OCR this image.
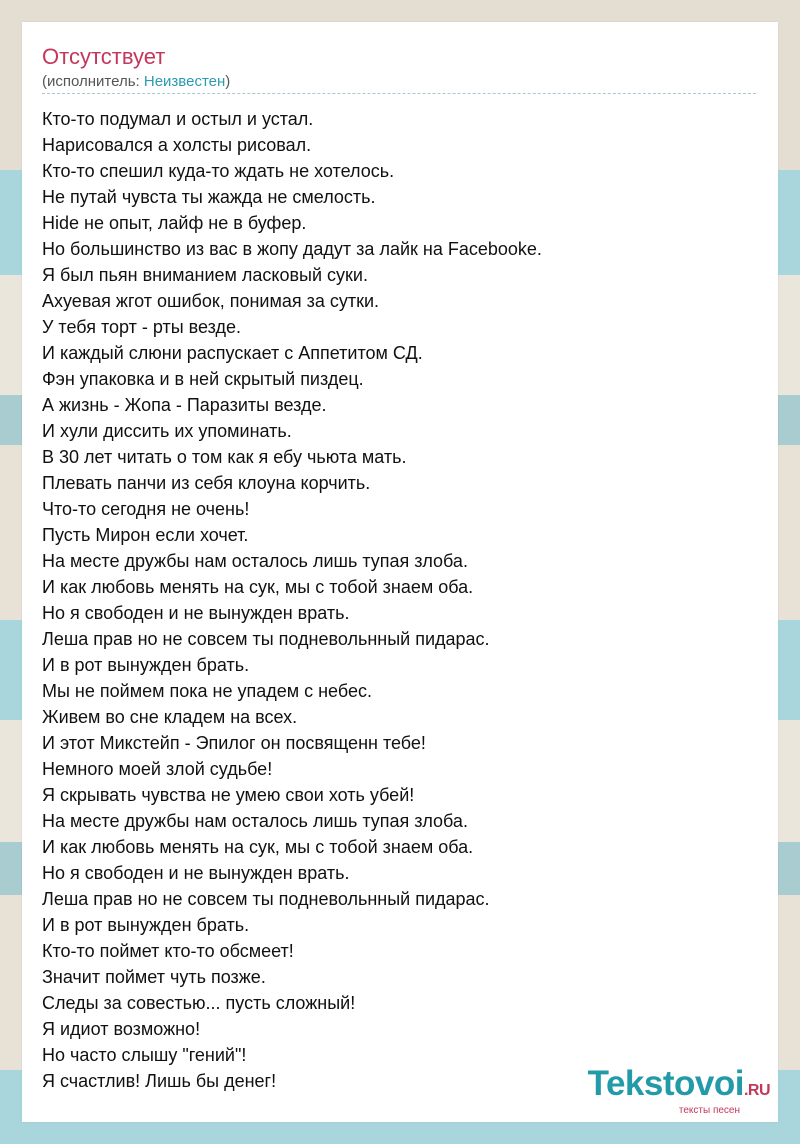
Отсутствует
(исполнитель: Неизвестен)
Кто-то подумал и остыл и устал.
Нарисовался а холсты рисовал.
Кто-то спешил куда-то ждать не хотелось.
Не путай чувста ты жажда не смелость.
Hide не опыт, лайф не в буфер.
Но большинство из вас в жопу дадут за лайк на Facebooke.
Я был пьян вниманием ласковый суки.
Ахуевая жгот ошибок, понимая за сутки.
У тебя торт - рты везде.
И каждый слюни распускает с Аппетитом СД.
Фэн упаковка и в ней скрытый пиздец.
А жизнь - Жопа - Паразиты везде.
И хули диссить их упоминать.
В 30 лет читать о том как я ебу чьюта мать.
Плевать панчи из себя клоуна корчить.
Что-то сегодня не очень!
Пусть Мирон если хочет.
На месте дружбы нам осталось лишь тупая злоба.
И как любовь менять на сук, мы с тобой знаем оба.
Но я свободен и не вынужден врать.
Леша прав но не совсем ты подневольнный пидарас.
И в рот вынужден брать.
Мы не поймем пока не упадем с небес.
Живем во сне кладем на всех.
И этот Микстейп - Эпилог он посвященн тебе!
Немного моей злой судьбе!
Я скрывать чувства не умею свои хоть убей!
На месте дружбы нам осталось лишь тупая злоба.
И как любовь менять на сук, мы с тобой знаем оба.
Но я свободен и не вынужден врать.
Леша прав но не совсем ты подневольнный пидарас.
И в рот вынужден брать.
Кто-то поймет кто-то обсмеет!
Значит поймет чуть позже.
Следы за совестью... пусть сложный!
Я идиот возможно!
Но часто слышу "гений"!
Я счастлив! Лишь бы денег!	Tekstovoi.RU
тексты песен
